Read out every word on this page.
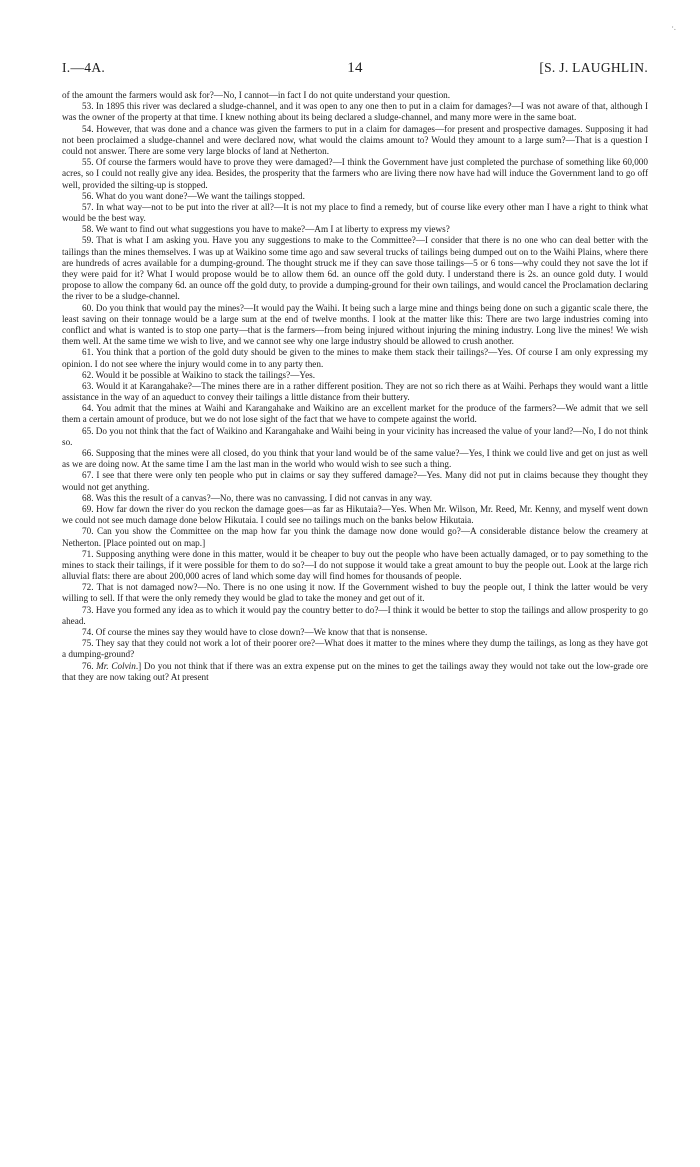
⸱.
I.—4A.	14	[S. J. LAUGHLIN.

of the amount the farmers would ask for?—No, I cannot—in fact I do not quite understand your question.

53. In 1895 this river was declared a sludge-channel, and it was open to any one then to put in a claim for damages?—I was not aware of that, although I was the owner of the property at that time. I knew nothing about its being declared a sludge-channel, and many more were in the same boat.

54. However, that was done and a chance was given the farmers to put in a claim for damages—for present and prospective damages. Supposing it had not been proclaimed a sludge-channel and were declared now, what would the claims amount to? Would they amount to a large sum?—That is a question I could not answer. There are some very large blocks of land at Netherton.

55. Of course the farmers would have to prove they were damaged?—I think the Government have just completed the purchase of something like 60,000 acres, so I could not really give any idea. Besides, the prosperity that the farmers who are living there now have had will induce the Government land to go off well, provided the silting-up is stopped.

56. What do you want done?—We want the tailings stopped.

57. In what way—not to be put into the river at all?—It is not my place to find a remedy, but of course like every other man I have a right to think what would be the best way.

58. We want to find out what suggestions you have to make?—Am I at liberty to express my views?

59. That is what I am asking you. Have you any suggestions to make to the Committee?—I consider that there is no one who can deal better with the tailings than the mines themselves. I was up at Waikino some time ago and saw several trucks of tailings being dumped out on to the Waihi Plains, where there are hundreds of acres available for a dumping-ground. The thought struck me if they can save those tailings—5 or 6 tons—why could they not save the lot if they were paid for it? What I would propose would be to allow them 6d. an ounce off the gold duty. I understand there is 2s. an ounce gold duty. I would propose to allow the company 6d. an ounce off the gold duty, to provide a dumping-ground for their own tailings, and would cancel the Proclamation declaring the river to be a sludge-channel.

60. Do you think that would pay the mines?—It would pay the Waihi. It being such a large mine and things being done on such a gigantic scale there, the least saving on their tonnage would be a large sum at the end of twelve months. I look at the matter like this: There are two large industries coming into conflict and what is wanted is to stop one party—that is the farmers—from being injured without injuring the mining industry. Long live the mines! We wish them well. At the same time we wish to live, and we cannot see why one large industry should be allowed to crush another.

61. You think that a portion of the gold duty should be given to the mines to make them stack their tailings?—Yes. Of course I am only expressing my opinion. I do not see where the injury would come in to any party then.

62. Would it be possible at Waikino to stack the tailings?—Yes.

63. Would it at Karangahake?—The mines there are in a rather different position. They are not so rich there as at Waihi. Perhaps they would want a little assistance in the way of an aqueduct to convey their tailings a little distance from their buttery.

64. You admit that the mines at Waihi and Karangahake and Waikino are an excellent market for the produce of the farmers?—We admit that we sell them a certain amount of produce, but we do not lose sight of the fact that we have to compete against the world.

65. Do you not think that the fact of Waikino and Karangahake and Waihi being in your vicinity has increased the value of your land?—No, I do not think so.

66. Supposing that the mines were all closed, do you think that your land would be of the same value?—Yes, I think we could live and get on just as well as we are doing now. At the same time I am the last man in the world who would wish to see such a thing.

67. I see that there were only ten people who put in claims or say they suffered damage?—Yes. Many did not put in claims because they thought they would not get anything.

68. Was this the result of a canvas?—No, there was no canvassing. I did not canvas in any way.

69. How far down the river do you reckon the damage goes—as far as Hikutaia?—Yes. When Mr. Wilson, Mr. Reed, Mr. Kenny, and myself went down we could not see much damage done below Hikutaia. I could see no tailings much on the banks below Hikutaia.

70. Can you show the Committee on the map how far you think the damage now done would go?—A considerable distance below the creamery at Netherton. [Place pointed out on map.]

71. Supposing anything were done in this matter, would it be cheaper to buy out the people who have been actually damaged, or to pay something to the mines to stack their tailings, if it were possible for them to do so?—I do not suppose it would take a great amount to buy the people out. Look at the large rich alluvial flats: there are about 200,000 acres of land which some day will find homes for thousands of people.

72. That is not damaged now?—No. There is no one using it now. If the Government wished to buy the people out, I think the latter would be very willing to sell. If that were the only remedy they would be glad to take the money and get out of it.

73. Have you formed any idea as to which it would pay the country better to do?—I think it would be better to stop the tailings and allow prosperity to go ahead.

74. Of course the mines say they would have to close down?—We know that that is nonsense.

75. They say that they could not work a lot of their poorer ore?—What does it matter to the mines where they dump the tailings, as long as they have got a dumping-ground?

76. Mr. Colvin.] Do you not think that if there was an extra expense put on the mines to get the tailings away they would not take out the low-grade ore that they are now taking out? At present
